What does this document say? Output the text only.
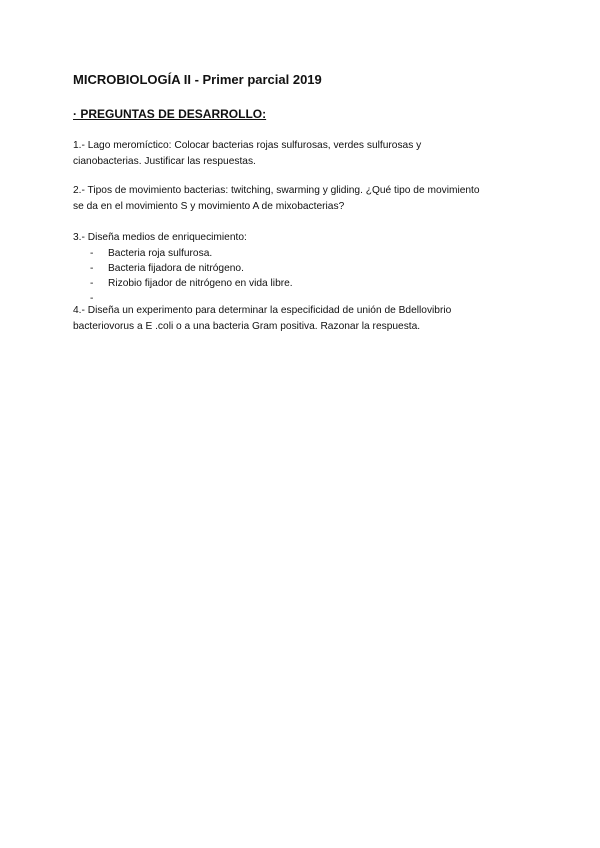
MICROBIOLOGÍA II - Primer parcial 2019
· PREGUNTAS DE DESARROLLO:
1.- Lago meromíctico: Colocar bacterias rojas sulfurosas, verdes sulfurosas y
cianobacterias. Justificar las respuestas.
2.- Tipos de movimiento bacterias: twitching, swarming y gliding. ¿Qué tipo de movimiento
se da en el movimiento S y movimiento A de mixobacterias?
3.- Diseña medios de enriquecimiento:
- Bacteria roja sulfurosa.
- Bacteria fijadora de nitrógeno.
- Rizobio fijador de nitrógeno en vida libre.
-
4.- Diseña un experimento para determinar la especificidad de unión de Bdellovibrio
bacteriovorus a E .coli o a una bacteria Gram positiva. Razonar la respuesta.
